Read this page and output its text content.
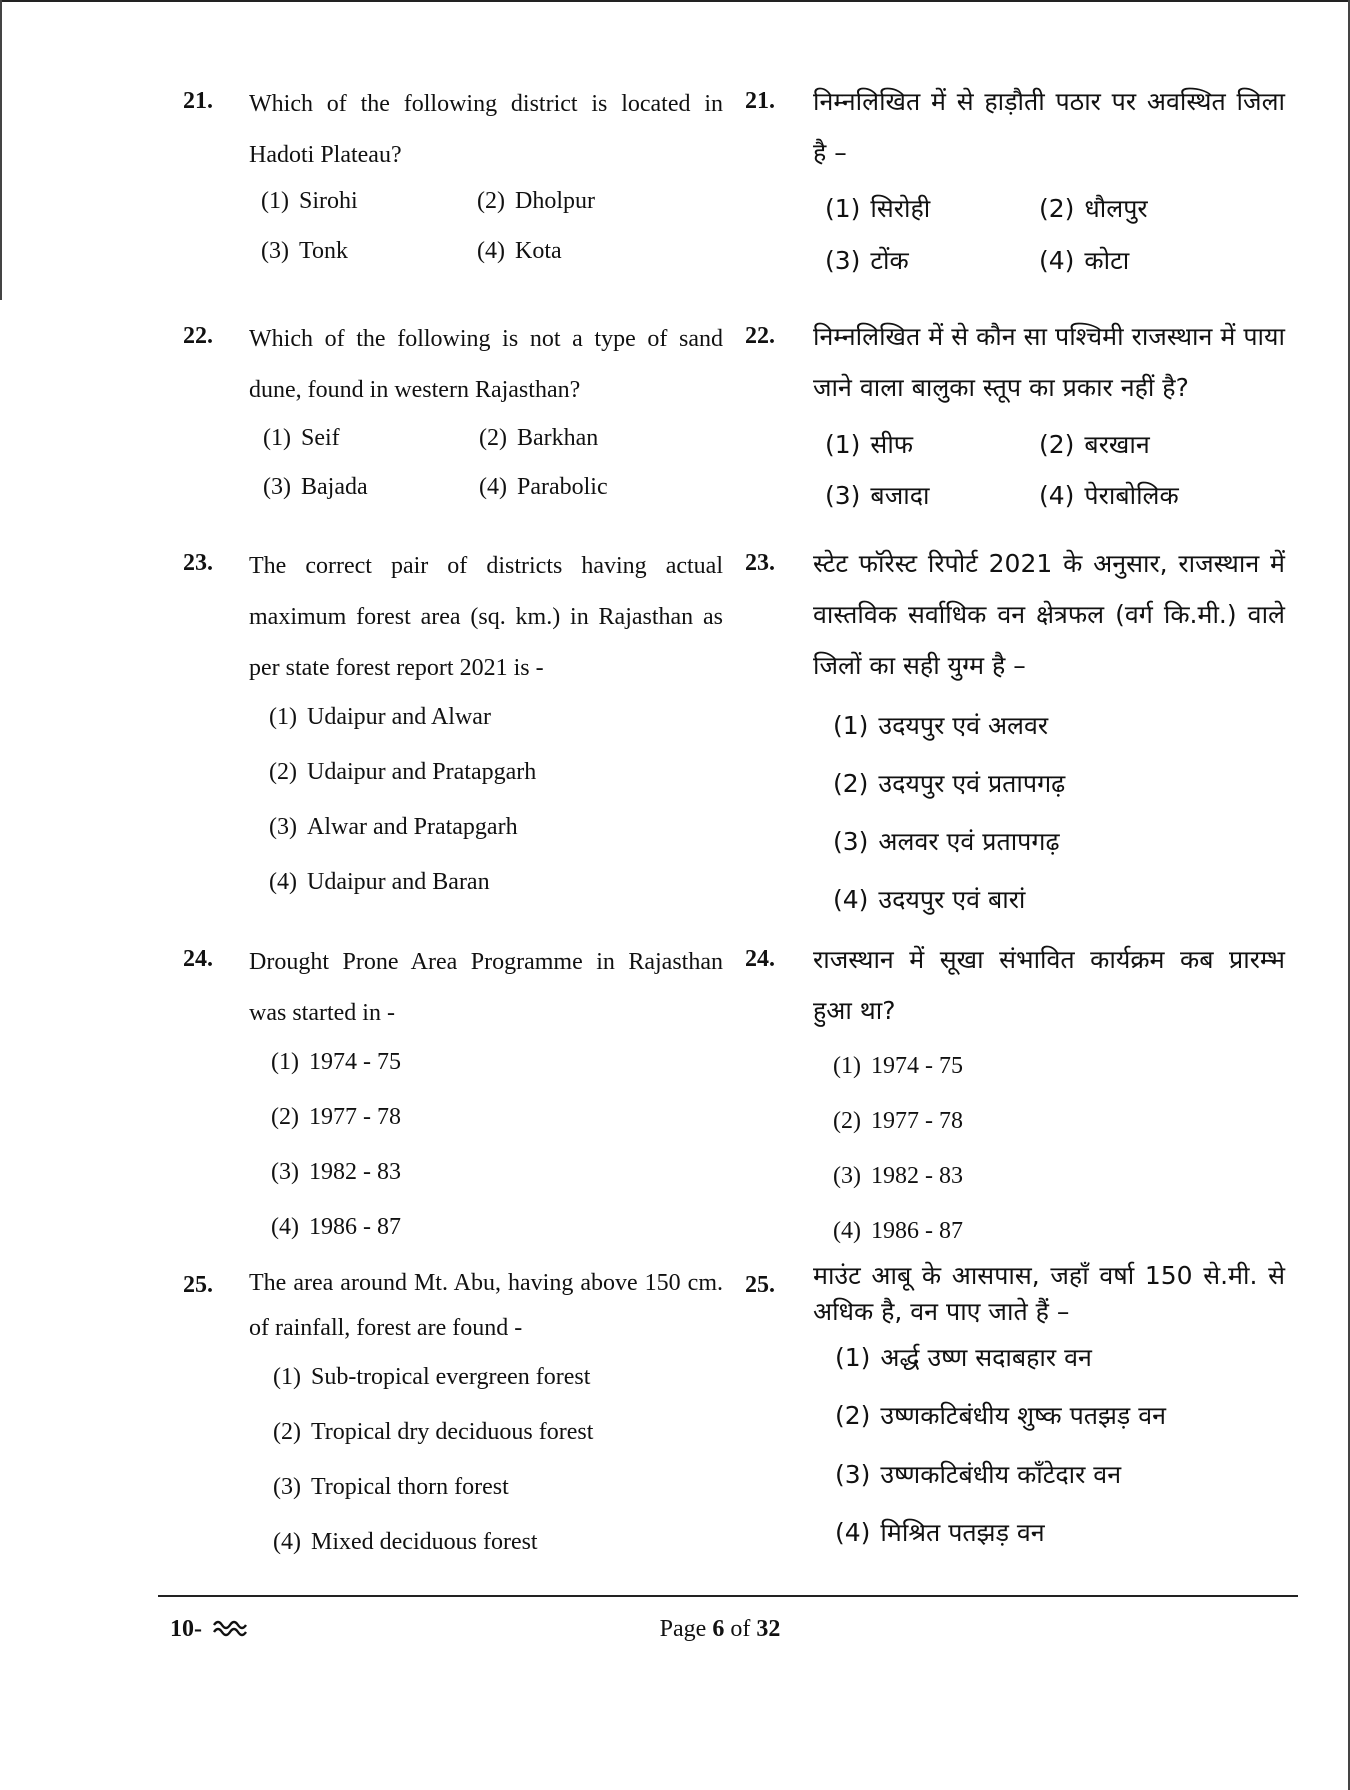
21. Which of the following district is located in Hadoti Plateau?
(1) Sirohi	(2) Dholpur
(3) Tonk	(4) Kota
22. Which of the following is not a type of sand dune, found in western Rajasthan?
(1) Seif	(2) Barkhan
(3) Bajada	(4) Parabolic
23. The correct pair of districts having actual maximum forest area (sq. km.) in Rajasthan as per state forest report 2021 is -
(1) Udaipur and Alwar
(2) Udaipur and Pratapgarh
(3) Alwar and Pratapgarh
(4) Udaipur and Baran
24. Drought Prone Area Programme in Rajasthan was started in -
(1) 1974 - 75
(2) 1977 - 78
(3) 1982 - 83
(4) 1986 - 87
25. The area around Mt. Abu, having above 150 cm. of rainfall, forest are found -
(1) Sub-tropical evergreen forest
(2) Tropical dry deciduous forest
(3) Tropical thorn forest
(4) Mixed deciduous forest
21. निम्नलिखित में से हाड़ौती पठार पर अवस्थित जिला है –
(1) सिरोही	(2) धौलपुर
(3) टोंक	(4) कोटा
22. निम्नलिखित में से कौन सा पश्चिमी राजस्थान में पाया जाने वाला बालुका स्तूप का प्रकार नहीं है?
(1) सीफ	(2) बरखान
(3) बजादा	(4) पेराबोलिक
23. स्टेट फॉरेस्ट रिपोर्ट 2021 के अनुसार, राजस्थान में वास्तविक सर्वाधिक वन क्षेत्रफल (वर्ग कि.मी.) वाले जिलों का सही युग्म है –
(1) उदयपुर एवं अलवर
(2) उदयपुर एवं प्रतापगढ़
(3) अलवर एवं प्रतापगढ़
(4) उदयपुर एवं बारां
24. राजस्थान में सूखा संभावित कार्यक्रम कब प्रारम्भ हुआ था?
(1) 1974 - 75
(2) 1977 - 78
(3) 1982 - 83
(4) 1986 - 87
25. माउंट आबू के आसपास, जहाँ वर्षा 150 से.मी. से अधिक है, वन पाए जाते हैं –
(1) अर्द्ध उष्ण सदाबहार वन
(2) उष्णकटिबंधीय शुष्क पतझड़ वन
(3) उष्णकटिबंधीय काँटेदार वन
(4) मिश्रित पतझड़ वन
10-	Page 6 of 32
